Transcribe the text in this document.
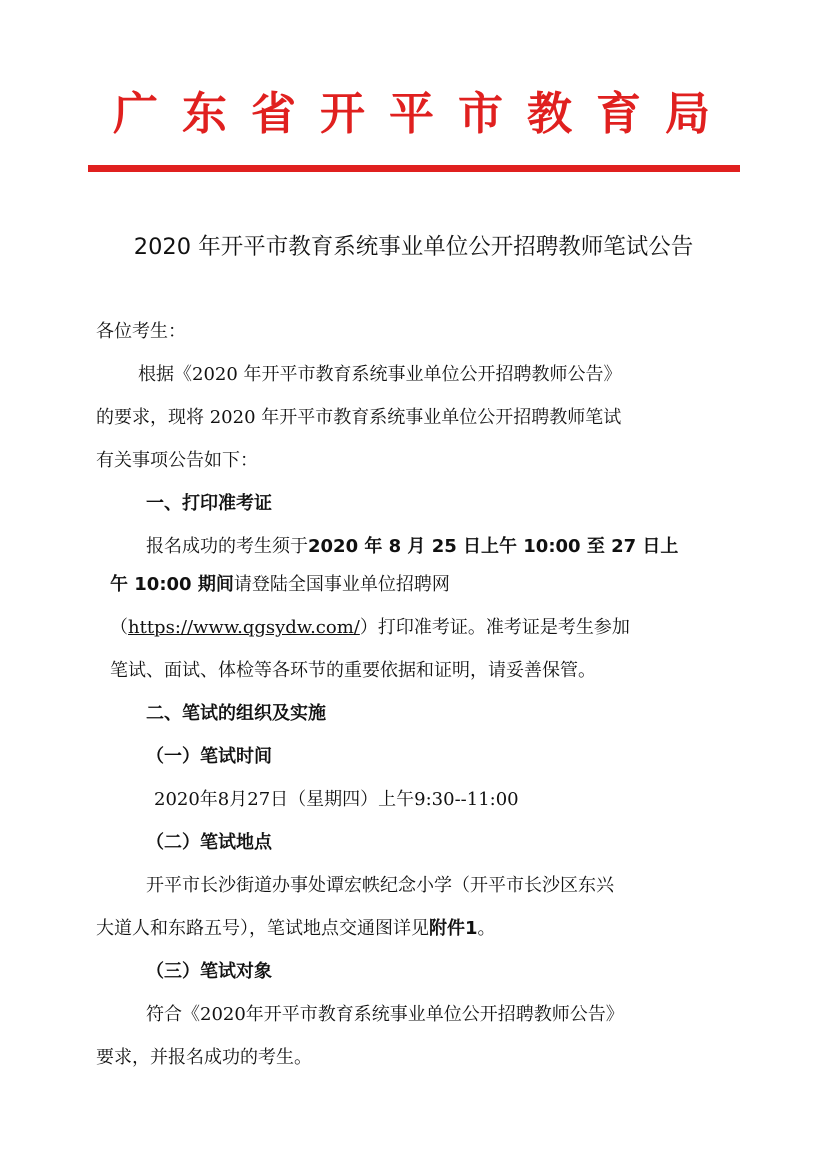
广东省开平市教育局
2020 年开平市教育系统事业单位公开招聘教师笔试公告
各位考生：
根据《2020 年开平市教育系统事业单位公开招聘教师公告》
的要求，现将 2020 年开平市教育系统事业单位公开招聘教师笔试
有关事项公告如下：
一、打印准考证
报名成功的考生须于2020 年 8 月 25 日上午 10:00 至 27 日上
午 10:00 期间请登陆全国事业单位招聘网
（https://www.qgsydw.com/）打印准考证。准考证是考生参加
笔试、面试、体检等各环节的重要依据和证明，请妥善保管。
二、笔试的组织及实施
（一）笔试时间
2020年8月27日（星期四）上午9:30--11:00
（二）笔试地点
开平市长沙街道办事处谭宏帙纪念小学（开平市长沙区东兴
大道人和东路五号），笔试地点交通图详见附件1。
（三）笔试对象
符合《2020年开平市教育系统事业单位公开招聘教师公告》
要求，并报名成功的考生。
